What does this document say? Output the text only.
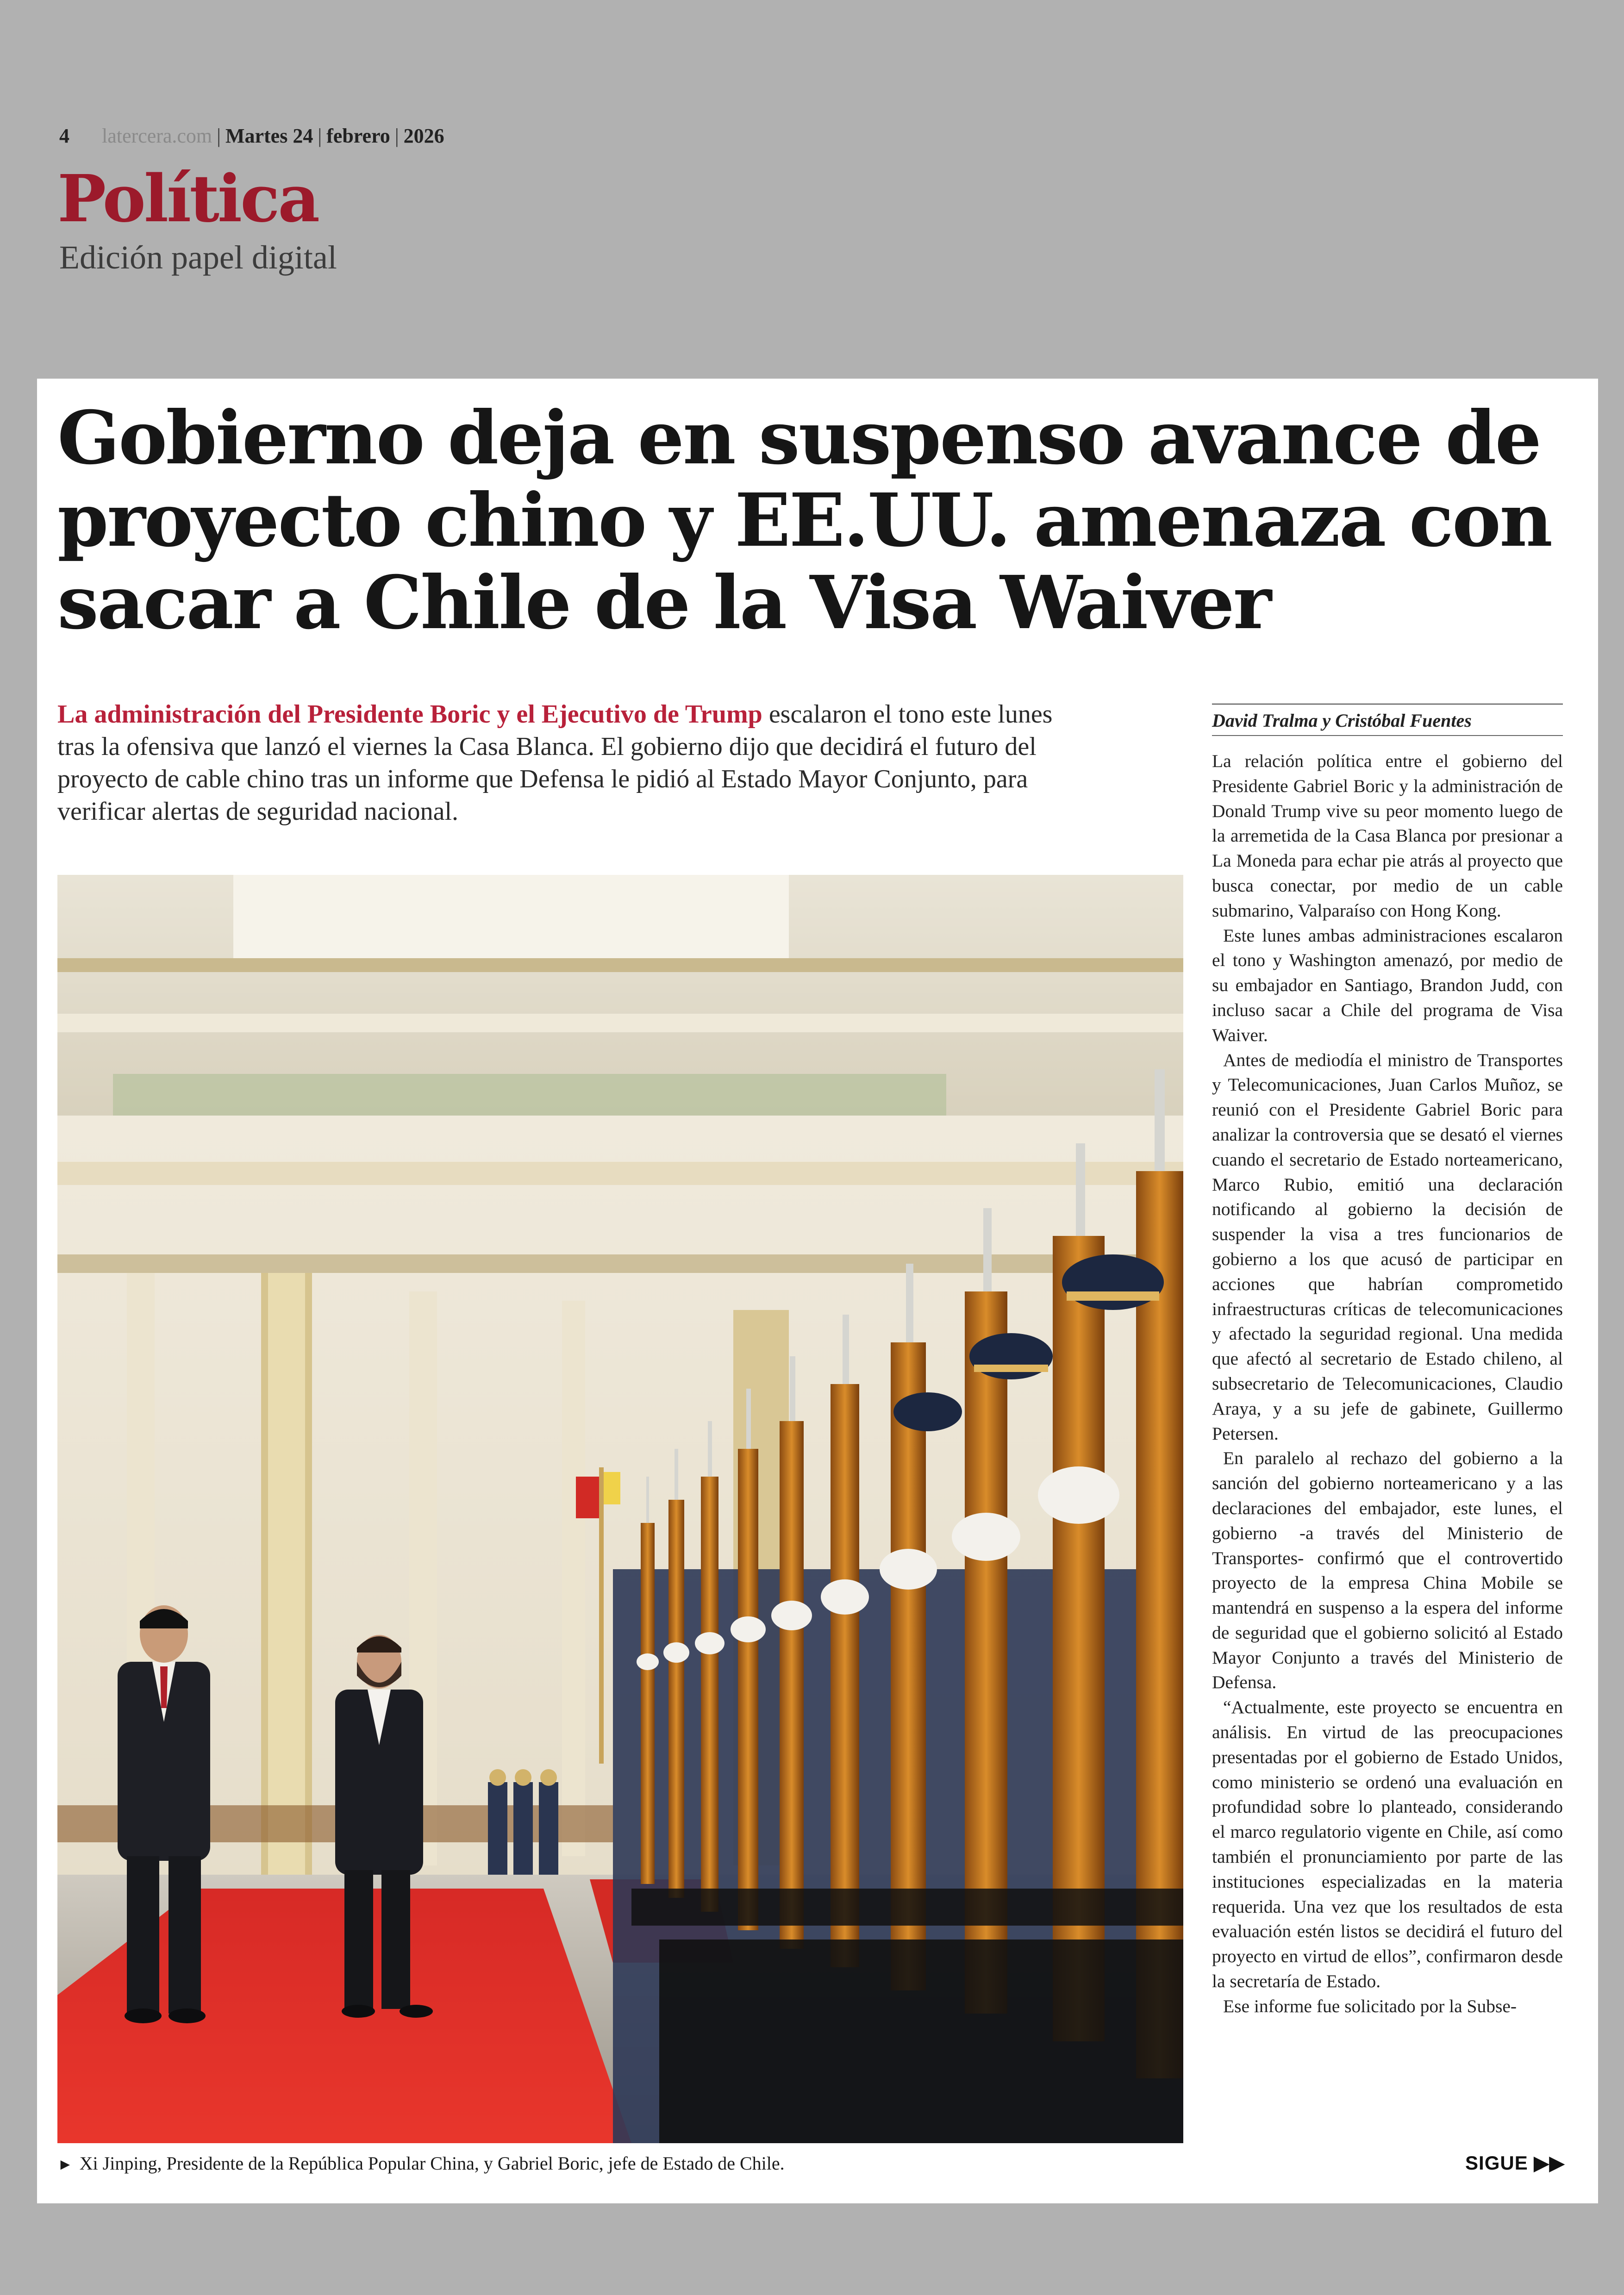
4 latercera.com | Martes 24 | febrero | 2026
Política
Edición papel digital
Gobierno deja en suspenso avance de proyecto chino y EE.UU. amenaza con sacar a Chile de la Visa Waiver
La administración del Presidente Boric y el Ejecutivo de Trump escalaron el tono este lunes tras la ofensiva que lanzó el viernes la Casa Blanca. El gobierno dijo que decidirá el futuro del proyecto de cable chino tras un informe que Defensa le pidió al Estado Mayor Conjunto, para verificar alertas de seguridad nacional.
► Xi Jinping, Presidente de la República Popular China, y Gabriel Boric, jefe de Estado de Chile.	SIGUE ▶▶
David Tralma y Cristóbal Fuentes

La relación política entre el gobierno del Presidente Gabriel Boric y la administración de Donald Trump vive su peor momento luego de la arremetida de la Casa Blanca por presionar a La Moneda para echar pie atrás al proyecto que busca conectar, por medio de un cable submarino, Valparaíso con Hong Kong.

Este lunes ambas administraciones escalaron el tono y Washington amenazó, por medio de su embajador en Santiago, Brandon Judd, con incluso sacar a Chile del programa de Visa Waiver.

Antes de mediodía el ministro de Transportes y Telecomunicaciones, Juan Carlos Muñoz, se reunió con el Presidente Gabriel Boric para analizar la controversia que se desató el viernes cuando el secretario de Estado norteamericano, Marco Rubio, emitió una declaración notificando al gobierno la decisión de suspender la visa a tres funcionarios de gobierno a los que acusó de participar en acciones que habrían comprometido infraestructuras críticas de telecomunicaciones y afectado la seguridad regional. Una medida que afectó al secretario de Estado chileno, al subsecretario de Telecomunicaciones, Claudio Araya, y a su jefe de gabinete, Guillermo Petersen.

En paralelo al rechazo del gobierno a la sanción del gobierno norteamericano y a las declaraciones del embajador, este lunes, el gobierno -a través del Ministerio de Transportes- confirmó que el controvertido proyecto de la empresa China Mobile se mantendrá en suspenso a la espera del informe de seguridad que el gobierno solicitó al Estado Mayor Conjunto a través del Ministerio de Defensa.

“Actualmente, este proyecto se encuentra en análisis. En virtud de las preocupaciones presentadas por el gobierno de Estado Unidos, como ministerio se ordenó una evaluación en profundidad sobre lo planteado, considerando el marco regulatorio vigente en Chile, así como también el pronunciamiento por parte de las instituciones especializadas en la materia requerida. Una vez que los resultados de esta evaluación estén listos se decidirá el futuro del proyecto en virtud de ellos”, confirmaron desde la secretaría de Estado.

Ese informe fue solicitado por la Subse-
